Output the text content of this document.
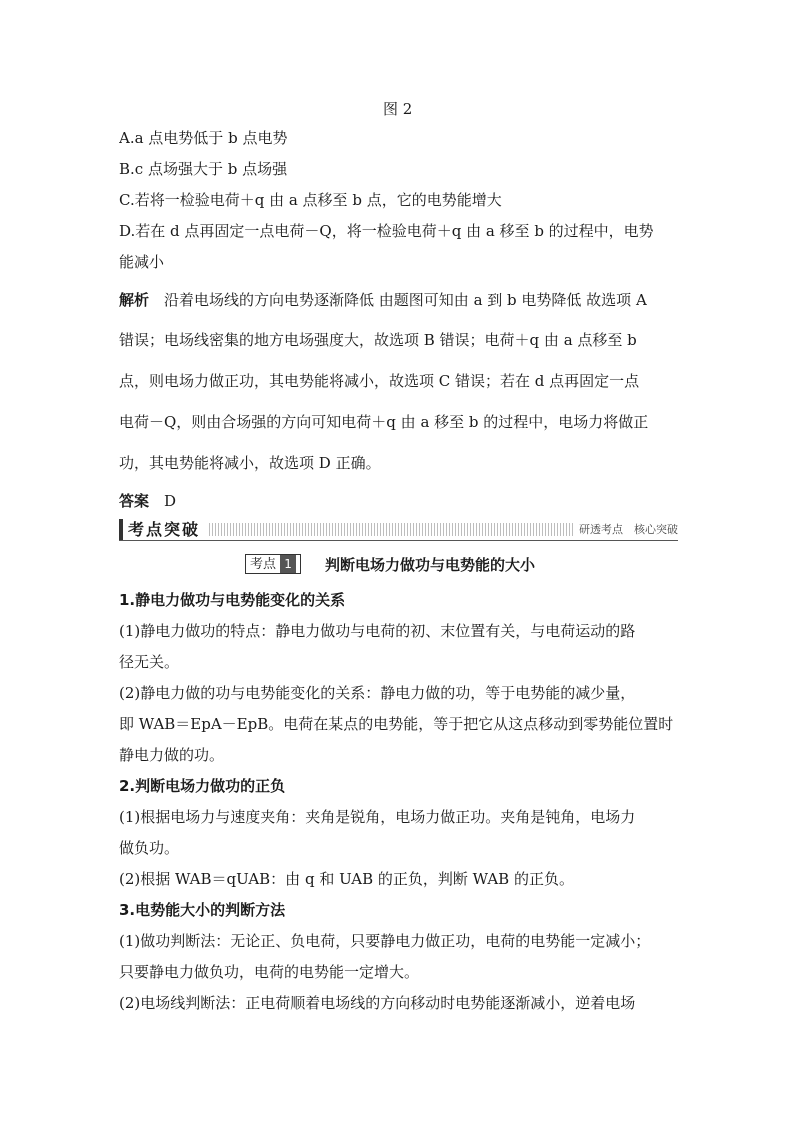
图 2
A.a 点电势低于 b 点电势
B.c 点场强大于 b 点场强
C.若将一检验电荷＋q 由 a 点移至 b 点，它的电势能增大
D.若在 d 点再固定一点电荷－Q，将一检验电荷＋q 由 a 移至 b 的过程中，电势
能减小
解析　 沿着电场线的方向电势逐渐降低 由题图可知由 a 到 b 电势降低 故选项 A
错误；电场线密集的地方电场强度大，故选项 B 错误；电荷＋q 由 a 点移至 b
点，则电场力做正功，其电势能将减小，故选项 C 错误；若在 d 点再固定一点
电荷－Q，则由合场强的方向可知电荷＋q 由 a 移至 b 的过程中，电场力将做正
功，其电势能将减小，故选项 D 正确。
答案　 D
考点突破	研透考点　核心突破
考点 1	判断电场力做功与电势能的大小
1.静电力做功与电势能变化的关系
(1)静电力做功的特点：静电力做功与电荷的初、末位置有关，与电荷运动的路
径无关。
(2)静电力做的功与电势能变化的关系：静电力做的功，等于电势能的减少量，
即 WAB＝EpA－EpB。电荷在某点的电势能，等于把它从这点移动到零势能位置时
静电力做的功。
2.判断电场力做功的正负
(1)根据电场力与速度夹角：夹角是锐角，电场力做正功。夹角是钝角，电场力
做负功。
(2)根据 WAB＝qUAB：由 q 和 UAB 的正负，判断 WAB 的正负。
3.电势能大小的判断方法
(1)做功判断法：无论正、负电荷，只要静电力做正功，电荷的电势能一定减小；
只要静电力做负功，电荷的电势能一定增大。
(2)电场线判断法：正电荷顺着电场线的方向移动时电势能逐渐减小，逆着电场
